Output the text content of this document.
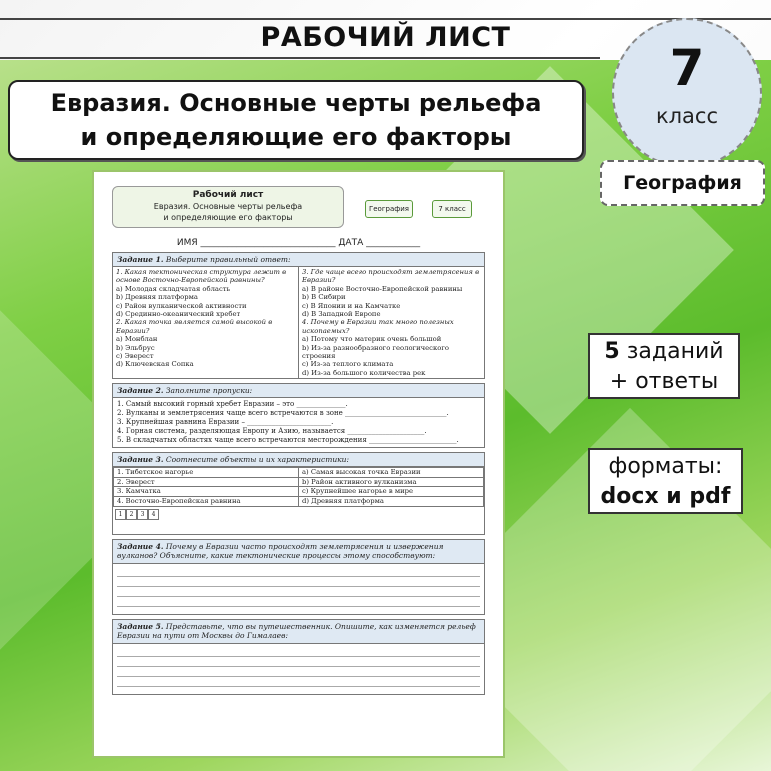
РАБОЧИЙ ЛИСТ
Евразия. Основные черты рельефа
и определяющие его факторы
7
класс
География
5 заданий
+ ответы
форматы:
docx и pdf
Рабочий лист
Евразия. Основные черты рельефа
и определяющие его факторы
География	7 класс
ИМЯ ______________________________ ДАТА ____________
Задание 1. Выберите правильный ответ:
1. Какая тектоническая структура лежит в основе Восточно-Европейской равнины?
a) Молодая складчатая область
b) Древняя платформа
c) Район вулканической активности
d) Срединно-океанический хребет
2. Какая точка является самой высокой в Евразии?
a) Монблан
b) Эльбрус
c) Эверест
d) Ключевская Сопка
3. Где чаще всего происходят землетрясения в Евразии?
a) В районе Восточно-Европейской равнины
b) В Сибири
c) В Японии и на Камчатке
d) В Западной Европе
4. Почему в Евразии так много полезных ископаемых?
a) Потому что материк очень большой
b) Из-за разнообразного геологического строения
c) Из-за теплого климата
d) Из-за большого количества рек
Задание 2. Заполните пропуски:
1. Самый высокий горный хребет Евразии – это ______________.
2. Вулканы и землетрясения чаще всего встречаются в зоне _____________________________.
3. Крупнейшая равнина Евразии – ________________________.
4. Горная система, разделяющая Европу и Азию, называется ______________________.
5. В складчатых областях чаще всего встречаются месторождения _________________________.
Задание 3. Соотнесите объекты и их характеристики:
1. Тибетское нагорье	a) Самая высокая точка Евразии
2. Эверест	b) Район активного вулканизма
3. Камчатка	c) Крупнейшее нагорье в мире
4. Восточно-Европейская равнина	d) Древняя платформа
1	2	3	4
Задание 4. Почему в Евразии часто происходят землетрясения и извержения вулканов? Объясните, какие тектонические процессы этому способствуют:
Задание 5. Представьте, что вы путешественник. Опишите, как изменяется рельеф Евразии на пути от Москвы до Гималаев:
